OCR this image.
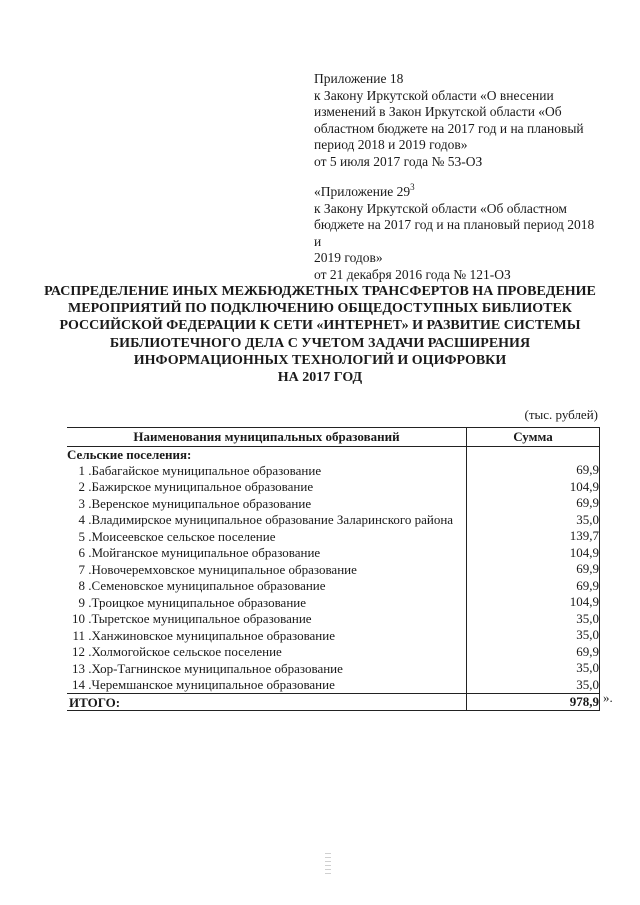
Приложение 18
к Закону Иркутской области «О внесении
изменений в Закон Иркутской области «Об
областном бюджете на 2017 год и на плановый
период 2018 и 2019 годов»
от 5 июля 2017 года № 53-ОЗ
«Приложение $29^3$
к Закону Иркутской области «Об областном
бюджете на 2017 год и на плановый период 2018 и
2019 годов»
от 21 декабря 2016 года № 121-ОЗ
РАСПРЕДЕЛЕНИЕ ИНЫХ МЕЖБЮДЖЕТНЫХ ТРАНСФЕРТОВ НА ПРОВЕДЕНИЕ
МЕРОПРИЯТИЙ ПО ПОДКЛЮЧЕНИЮ ОБЩЕДОСТУПНЫХ БИБЛИОТЕК
РОССИЙСКОЙ ФЕДЕРАЦИИ К СЕТИ «ИНТЕРНЕТ» И РАЗВИТИЕ СИСТЕМЫ
БИБЛИОТЕЧНОГО ДЕЛА С УЧЕТОМ ЗАДАЧИ РАСШИРЕНИЯ
ИНФОРМАЦИОННЫХ ТЕХНОЛОГИЙ И ОЦИФРОВКИ
НА 2017 ГОД
(тыс. рублей)
Наименования муниципальных образований	Сумма
Сельские поселения:	
1 .Бабагайское муниципальное образование	69,9
2 .Бажирское муниципальное образование	104,9
3 .Веренское муниципальное образование	69,9
4 .Владимирское муниципальное образование Заларинского района	35,0
5 .Моисеевское сельское поселение	139,7
6 .Мойганское муниципальное образование	104,9
7 .Новочеремховское муниципальное образование	69,9
8 .Семеновское муниципальное образование	69,9
9 .Троицкое муниципальное образование	104,9
10 .Тыретское муниципальное образование	35,0
11 .Ханжиновское муниципальное образование	35,0
12 .Холмогойское сельское поселение	69,9
13 .Хор-Тагнинское муниципальное образование	35,0
14 .Черемшанское муниципальное образование	35,0
ИТОГО:	978,9 ».
